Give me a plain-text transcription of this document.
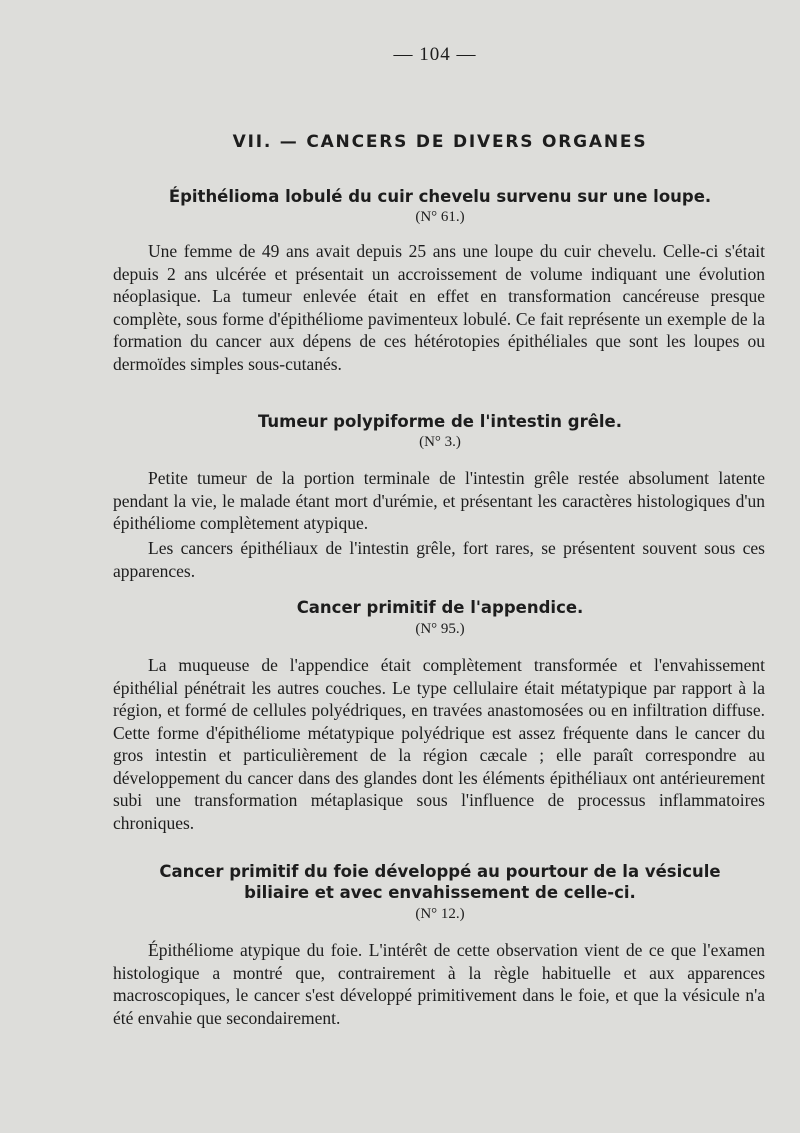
— 104 —
VII. — CANCERS DE DIVERS ORGANES
Épithélioma lobulé du cuir chevelu survenu sur une loupe.
(N° 61.)

Une femme de 49 ans avait depuis 25 ans une loupe du cuir chevelu. Celle-ci s'était depuis 2 ans ulcérée et présentait un accroissement de volume indiquant une évolution néoplasique. La tumeur enlevée était en effet en transformation cancéreuse presque complète, sous forme d'épithéliome pavimenteux lobulé. Ce fait représente un exemple de la formation du cancer aux dépens de ces hétérotopies épithéliales que sont les loupes ou dermoïdes simples sous-cutanés.

Tumeur polypiforme de l'intestin grêle.
(N° 3.)

Petite tumeur de la portion terminale de l'intestin grêle restée absolument latente pendant la vie, le malade étant mort d'urémie, et présentant les caractères histologiques d'un épithéliome complètement atypique.

Les cancers épithéliaux de l'intestin grêle, fort rares, se présentent souvent sous ces apparences.

Cancer primitif de l'appendice.
(N° 95.)

La muqueuse de l'appendice était complètement transformée et l'envahissement épithélial pénétrait les autres couches. Le type cellulaire était métatypique par rapport à la région, et formé de cellules polyédriques, en travées anastomosées ou en infiltration diffuse. Cette forme d'épithéliome métatypique polyédrique est assez fréquente dans le cancer du gros intestin et particulièrement de la région cæcale ; elle paraît correspondre au développement du cancer dans des glandes dont les éléments épithéliaux ont antérieurement subi une transformation métaplasique sous l'influence de processus inflammatoires chroniques.

Cancer primitif du foie développé au pourtour de la vésicule
biliaire et avec envahissement de celle-ci.
(N° 12.)

Épithéliome atypique du foie. L'intérêt de cette observation vient de ce que l'examen histologique a montré que, contrairement à la règle habituelle et aux apparences macroscopiques, le cancer s'est développé primitivement dans le foie, et que la vésicule n'a été envahie que secondairement.
